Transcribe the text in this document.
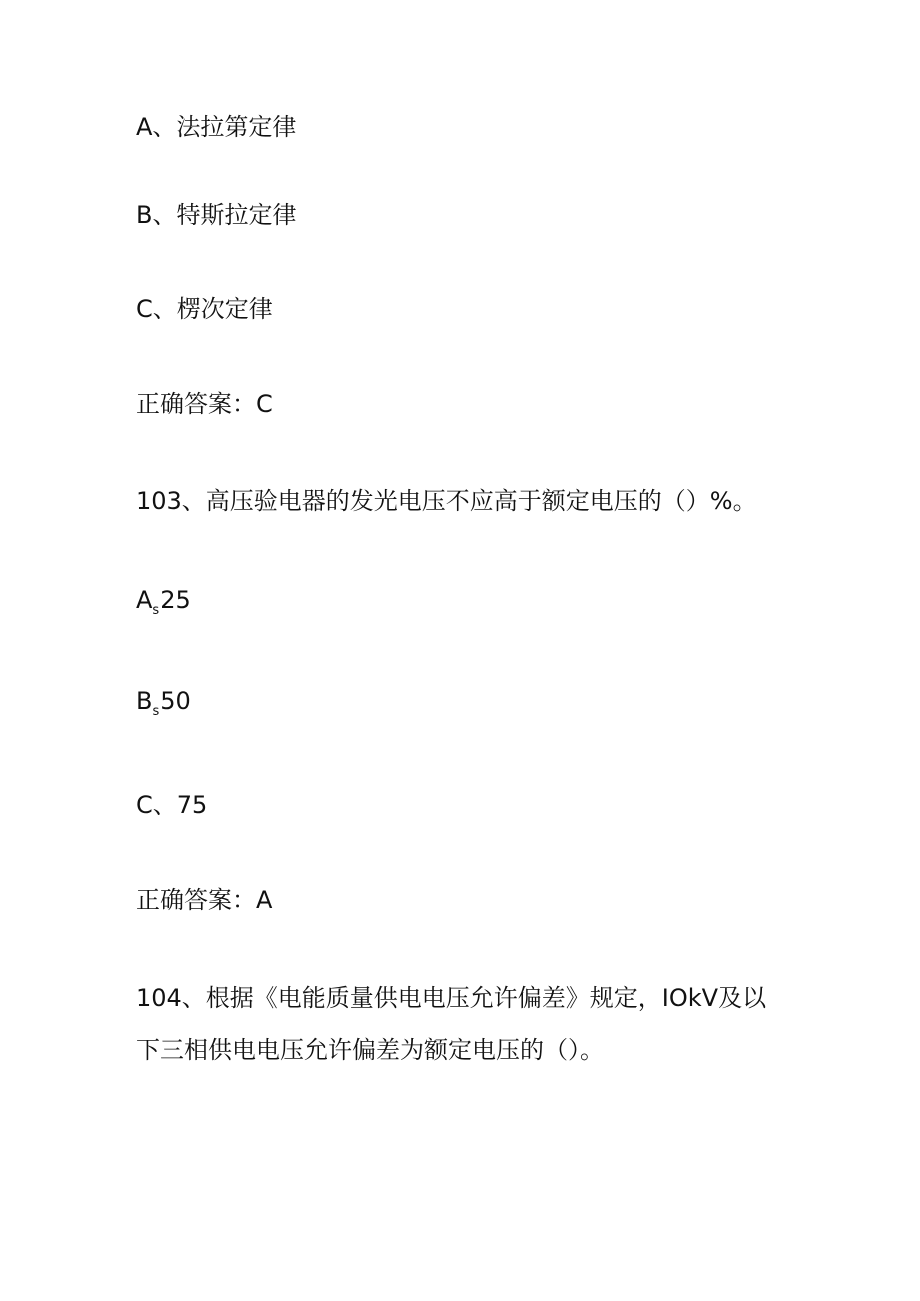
A、法拉第定律
B、特斯拉定律
C、楞次定律
正确答案：C
103、高压验电器的发光电压不应高于额定电压的（）%。
$A_s25$
$B_s50$
C、75
正确答案：A
104、根据《电能质量供电电压允许偏差》规定，IOkV及以
下三相供电电压允许偏差为额定电压的（）。
